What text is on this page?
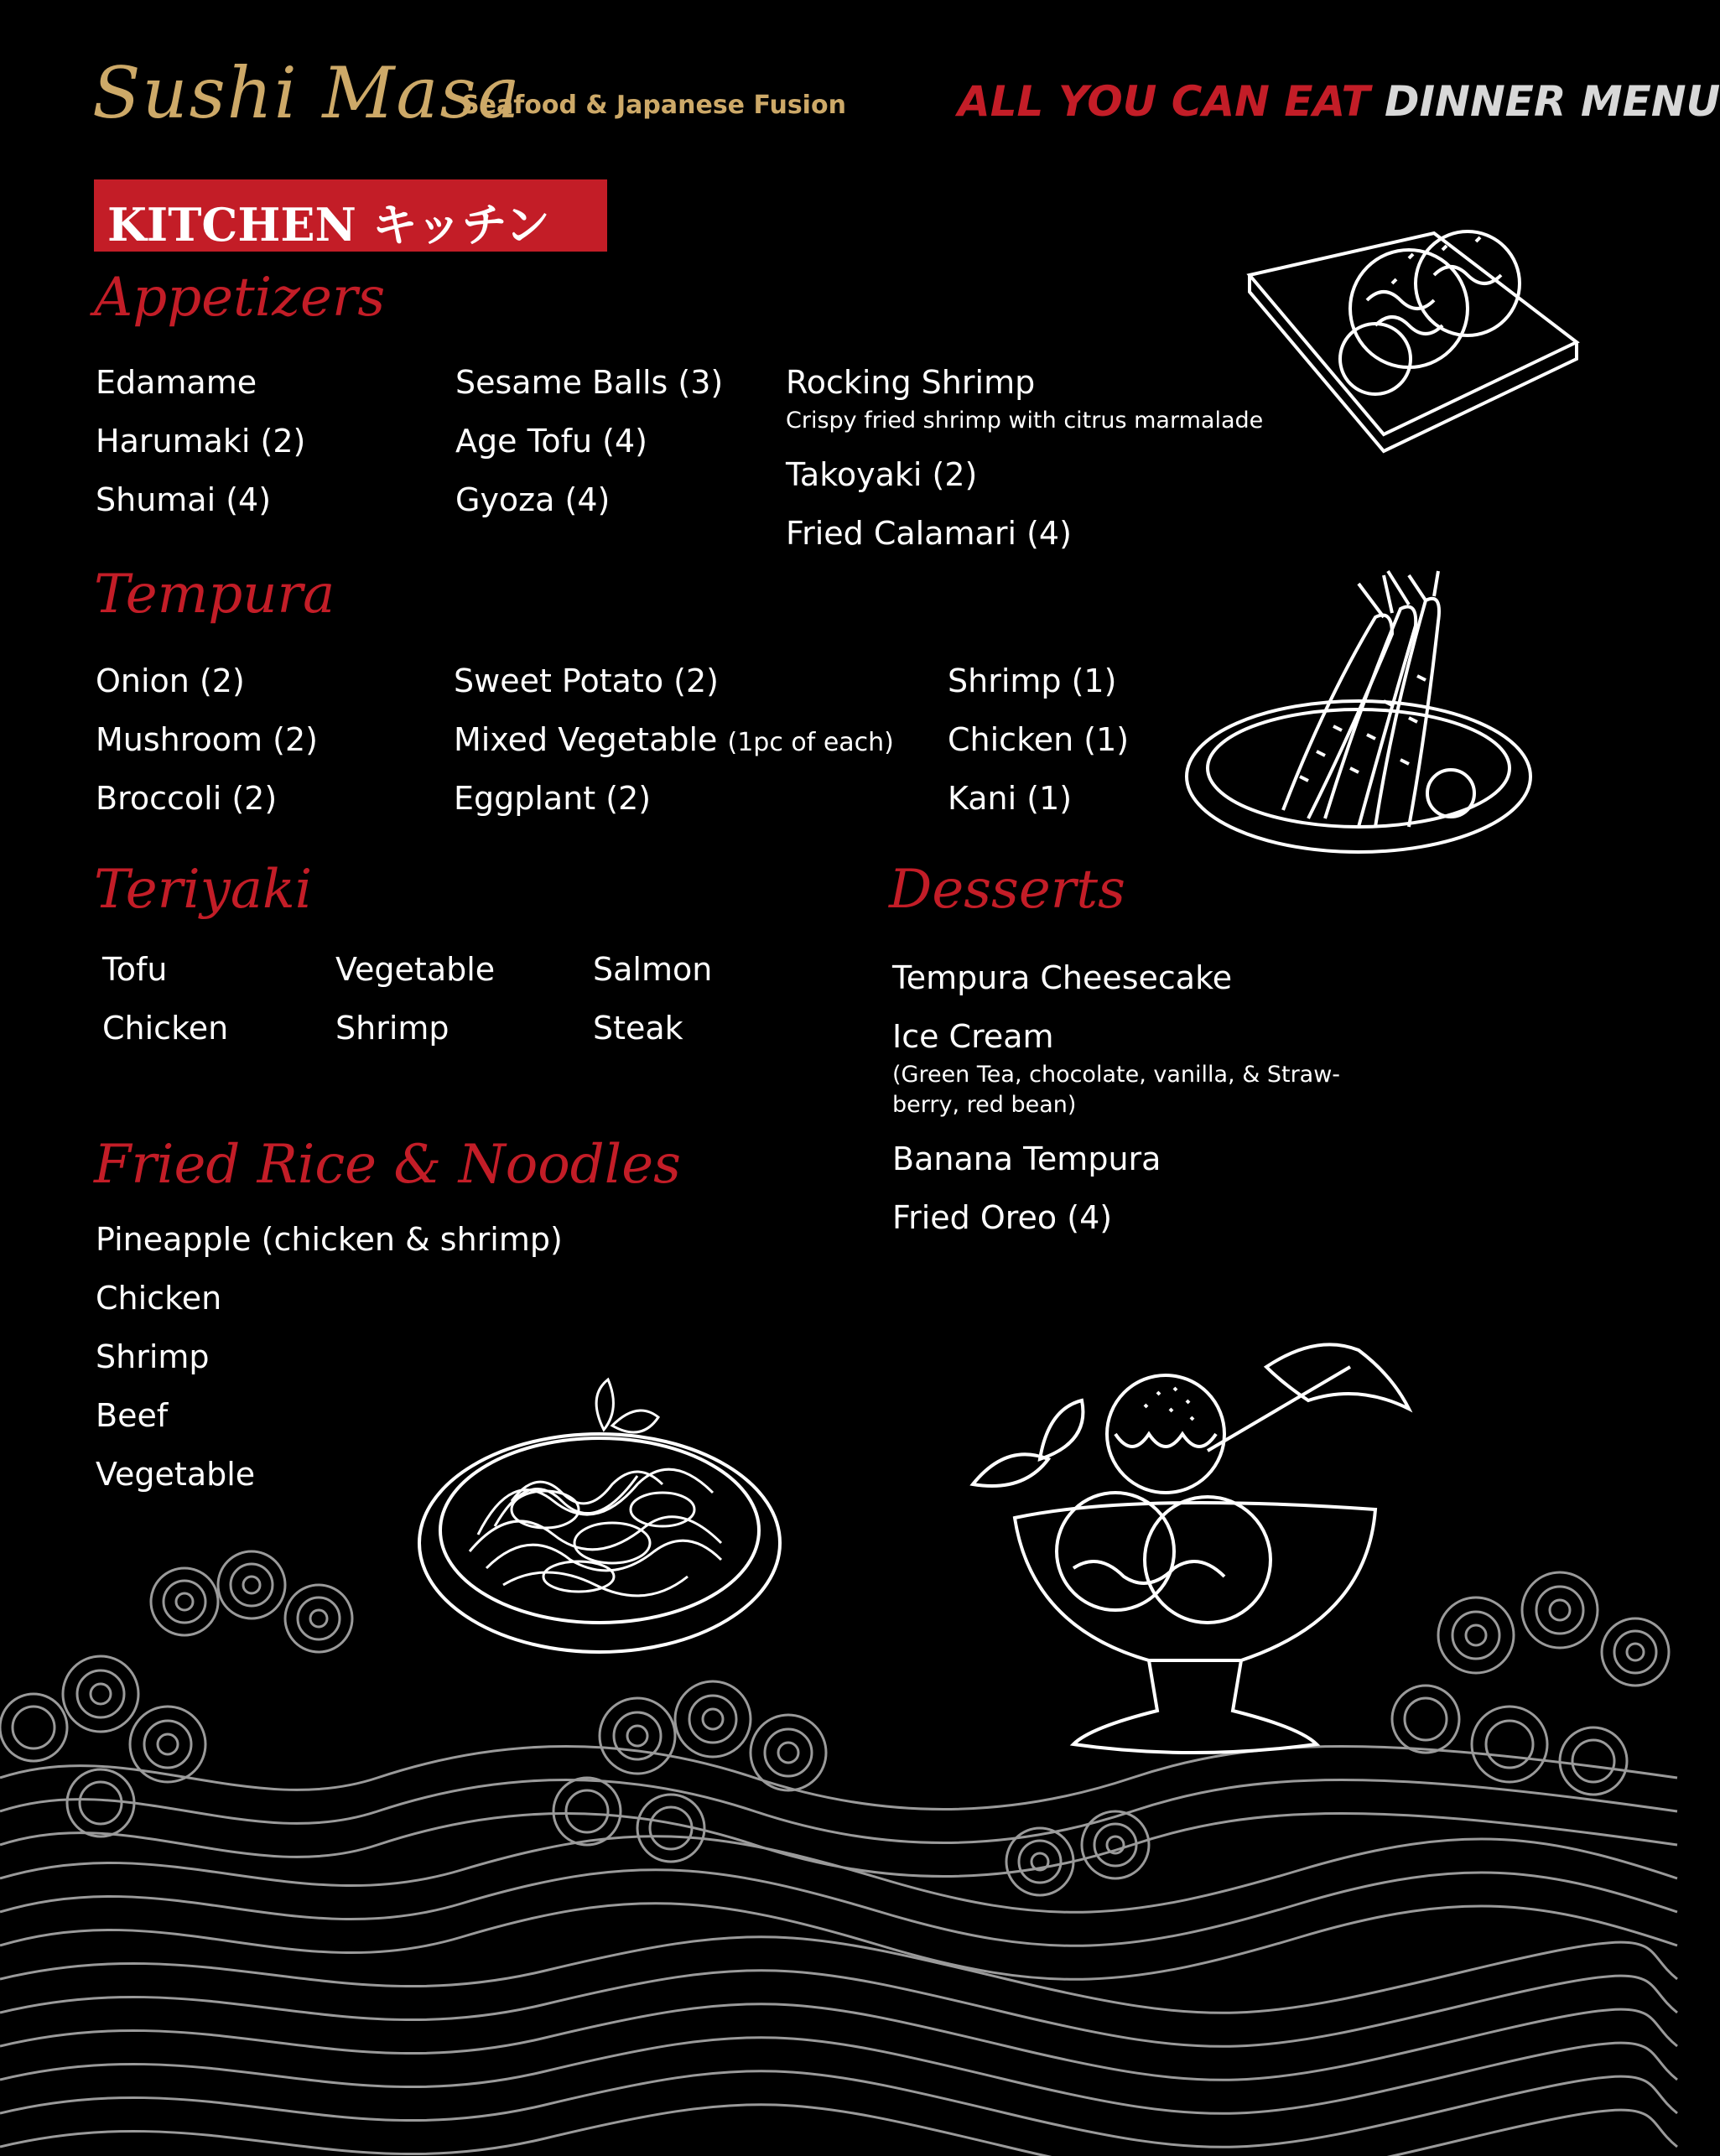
Sushi Masa
Seafood & Japanese Fusion	ALL YOU CAN EAT DINNER MENU
KITCHEN キッチン
Appetizers
Edamame
Harumaki (2)
Shumai (4)
Sesame Balls (3)
Age Tofu (4)
Gyoza (4)
Rocking Shrimp
Crispy fried shrimp with citrus marmalade
Takoyaki (2)
Fried Calamari (4)
Tempura
Onion (2)
Mushroom (2)
Broccoli (2)
Sweet Potato (2)
Mixed Vegetable (1pc of each)
Eggplant (2)
Shrimp (1)
Chicken (1)
Kani (1)
Teriyaki
Tofu
Chicken
Vegetable
Shrimp
Salmon
Steak
Desserts
Tempura Cheesecake
Ice Cream
(Green Tea, chocolate, vanilla, & Straw-
berry, red bean)
Banana Tempura
Fried Oreo (4)
Fried Rice & Noodles
Pineapple (chicken & shrimp)
Chicken
Shrimp
Beef
Vegetable
